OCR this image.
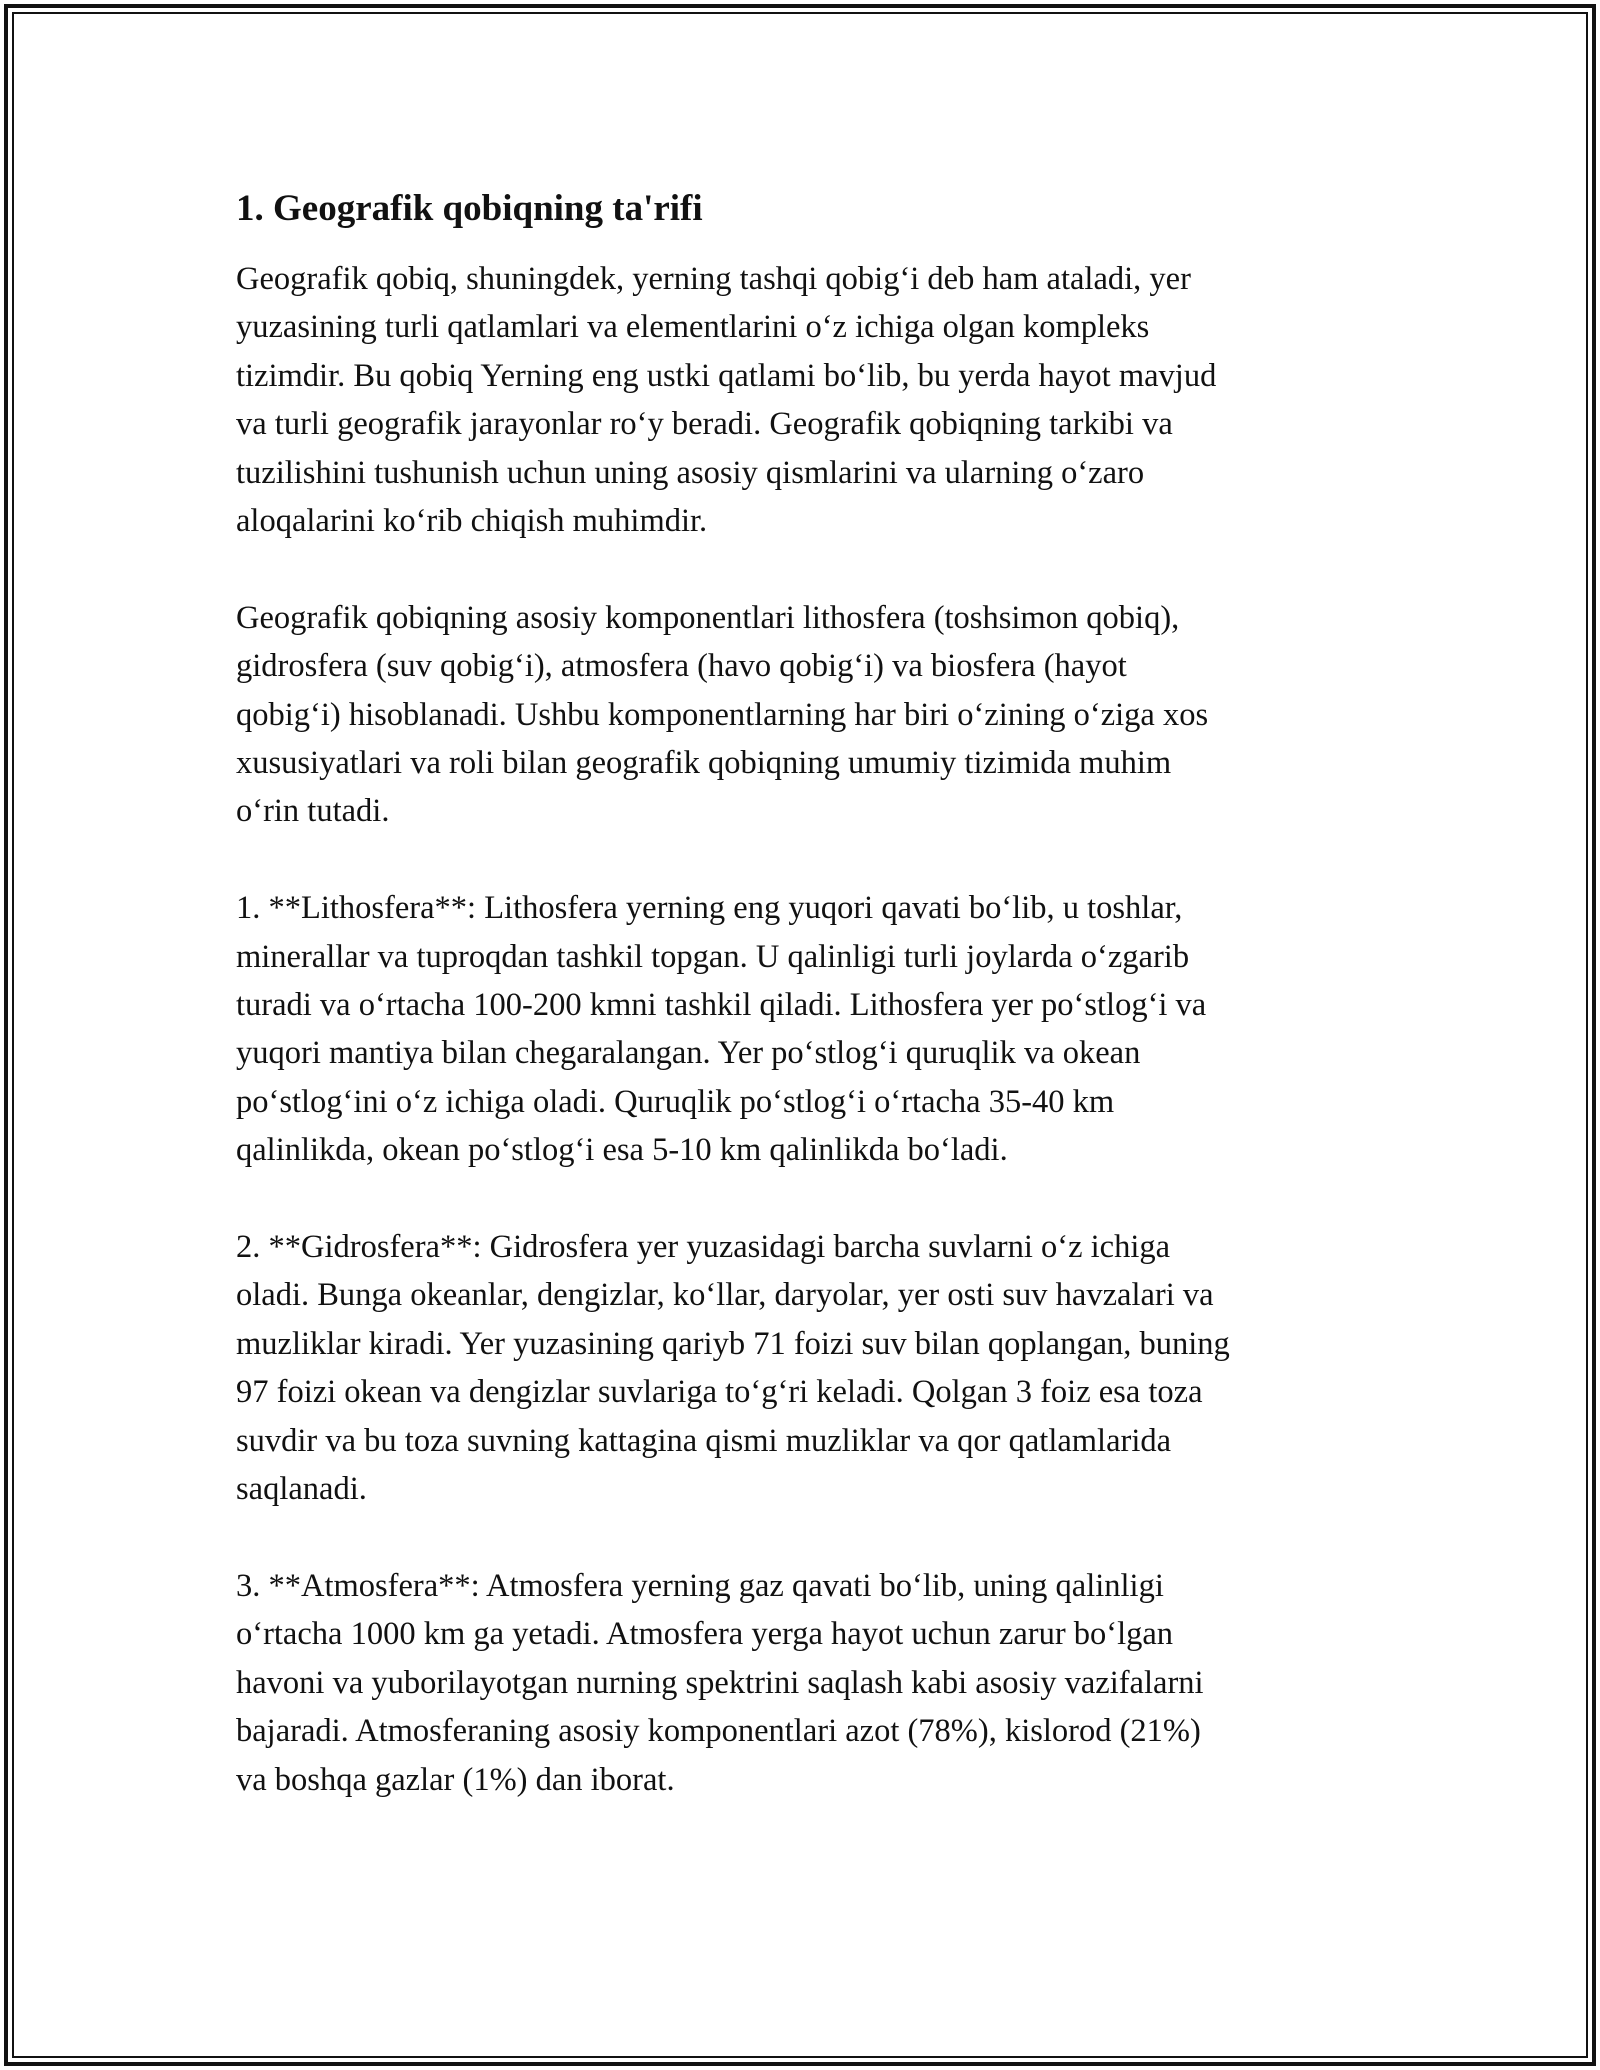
1. Geografik qobiqning ta'rifi

Geografik qobiq, shuningdek, yerning tashqi qobig‘i deb ham ataladi, yer
yuzasining turli qatlamlari va elementlarini o‘z ichiga olgan kompleks
tizimdir. Bu qobiq Yerning eng ustki qatlami bo‘lib, bu yerda hayot mavjud
va turli geografik jarayonlar ro‘y beradi. Geografik qobiqning tarkibi va
tuzilishini tushunish uchun uning asosiy qismlarini va ularning o‘zaro
aloqalarini ko‘rib chiqish muhimdir.

Geografik qobiqning asosiy komponentlari lithosfera (toshsimon qobiq),
gidrosfera (suv qobig‘i), atmosfera (havo qobig‘i) va biosfera (hayot
qobig‘i) hisoblanadi. Ushbu komponentlarning har biri o‘zining o‘ziga xos
xususiyatlari va roli bilan geografik qobiqning umumiy tizimida muhim
o‘rin tutadi.

1. **Lithosfera**: Lithosfera yerning eng yuqori qavati bo‘lib, u toshlar,
minerallar va tuproqdan tashkil topgan. U qalinligi turli joylarda o‘zgarib
turadi va o‘rtacha 100-200 kmni tashkil qiladi. Lithosfera yer po‘stlog‘i va
yuqori mantiya bilan chegaralangan. Yer po‘stlog‘i quruqlik va okean
po‘stlog‘ini o‘z ichiga oladi. Quruqlik po‘stlog‘i o‘rtacha 35-40 km
qalinlikda, okean po‘stlog‘i esa 5-10 km qalinlikda bo‘ladi.

2. **Gidrosfera**: Gidrosfera yer yuzasidagi barcha suvlarni o‘z ichiga
oladi. Bunga okeanlar, dengizlar, ko‘llar, daryolar, yer osti suv havzalari va
muzliklar kiradi. Yer yuzasining qariyb 71 foizi suv bilan qoplangan, buning
97 foizi okean va dengizlar suvlariga to‘g‘ri keladi. Qolgan 3 foiz esa toza
suvdir va bu toza suvning kattagina qismi muzliklar va qor qatlamlarida
saqlanadi.

3. **Atmosfera**: Atmosfera yerning gaz qavati bo‘lib, uning qalinligi
o‘rtacha 1000 km ga yetadi. Atmosfera yerga hayot uchun zarur bo‘lgan
havoni va yuborilayotgan nurning spektrini saqlash kabi asosiy vazifalarni
bajaradi. Atmosferaning asosiy komponentlari azot (78%), kislorod (21%)
va boshqa gazlar (1%) dan iborat.
